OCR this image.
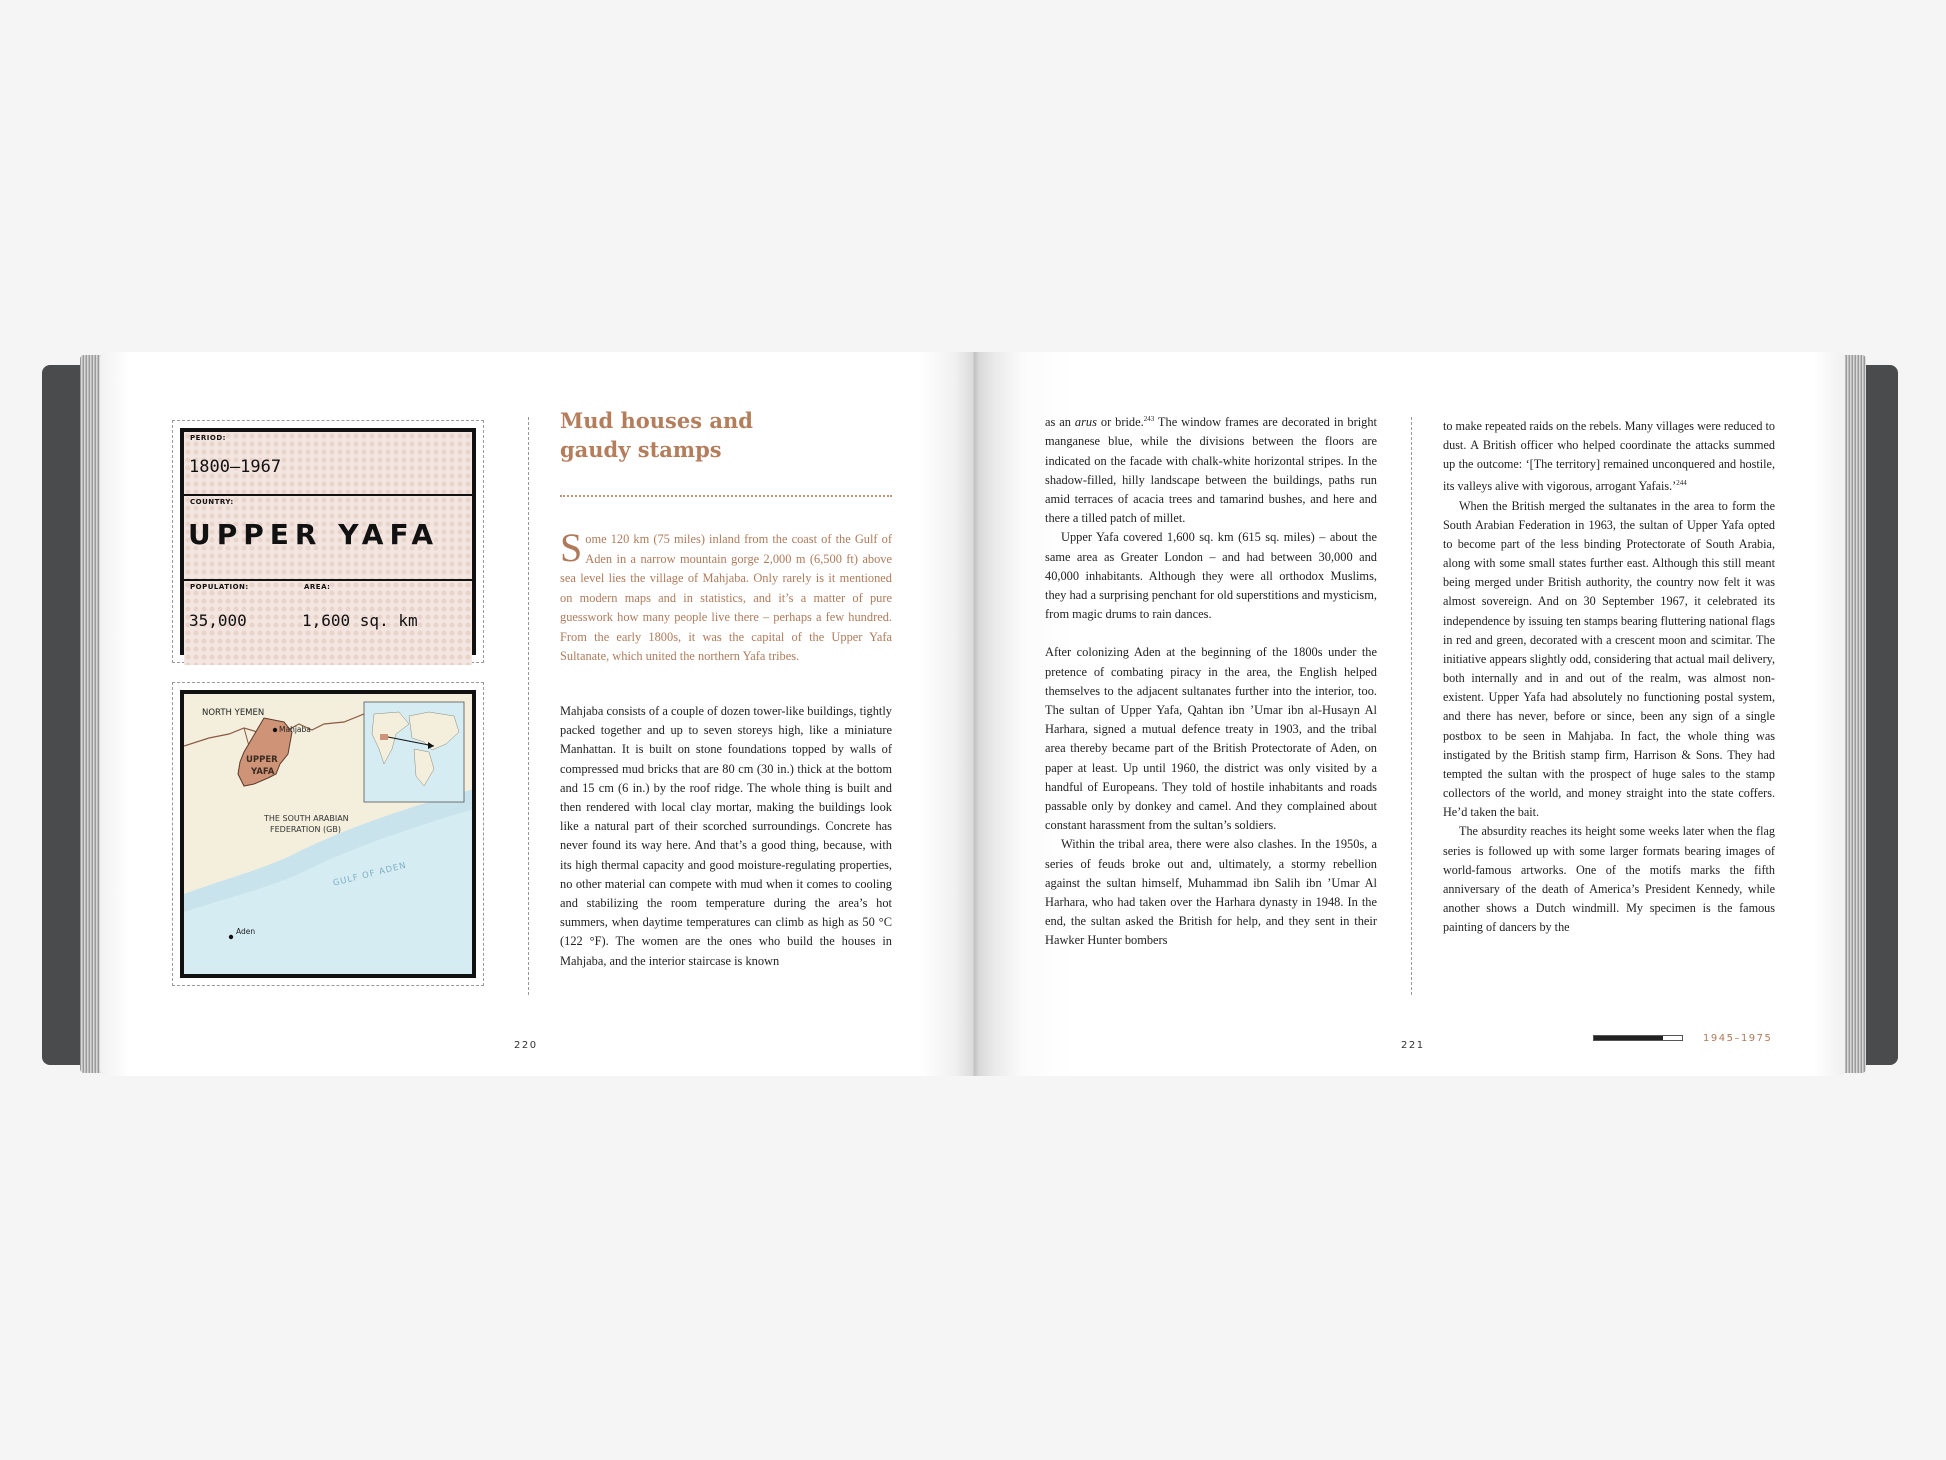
PERIOD:
1800–1967
COUNTRY:
UPPER YAFA
POPULATION:	AREA:
35,000	1,600 sq. km
NORTH YEMEN
Mahjaba
UPPER
YAFA
THE SOUTH ARABIAN
FEDERATION (GB)
GULF OF ADEN
Aden
Mud houses and
gaudy stamps
Some 120 km (75 miles) inland from the coast of the Gulf of Aden in a narrow mountain gorge 2,000 m (6,500 ft) above sea level lies the village of Mahjaba. Only rarely is it mentioned on modern maps and in statistics, and it’s a matter of pure guesswork how many people live there – perhaps a few hundred. From the early 1800s, it was the capital of the Upper Yafa Sultanate, which united the northern Yafa tribes.

Mahjaba consists of a couple of dozen tower-like buildings, tightly packed together and up to seven storeys high, like a miniature Manhattan. It is built on stone foundations topped by walls of compressed mud bricks that are 80 cm (30 in.) thick at the bottom and 15 cm (6 in.) by the roof ridge. The whole thing is built and then rendered with local clay mortar, making the buildings look like a natural part of their scorched surroundings. Concrete has never found its way here. And that’s a good thing, because, with its high thermal capacity and good moisture-regulating properties, no other material can compete with mud when it comes to cooling and stabilizing the room temperature during the area’s hot summers, when daytime temperatures can climb as high as 50 °C (122 °F). The women are the ones who build the houses in Mahjaba, and the interior staircase is known

220

as an arus or bride.$^{243}$ The window frames are decorated in bright manganese blue, while the divisions between the floors are indicated on the facade with chalk-white horizontal stripes. In the shadow-filled, hilly landscape between the buildings, paths run amid terraces of acacia trees and tamarind bushes, and here and there a tilled patch of millet.

Upper Yafa covered 1,600 sq. km (615 sq. miles) – about the same area as Greater London – and had between 30,000 and 40,000 inhabitants. Although they were all orthodox Muslims, they had a surprising penchant for old superstitions and mysticism, from magic drums to rain dances.

After colonizing Aden at the beginning of the 1800s under the pretence of combating piracy in the area, the English helped themselves to the adjacent sultanates further into the interior, too. The sultan of Upper Yafa, Qahtan ibn ’Umar ibn al-Husayn Al Harhara, signed a mutual defence treaty in 1903, and the tribal area thereby became part of the British Protectorate of Aden, on paper at least. Up until 1960, the district was only visited by a handful of Europeans. They told of hostile inhabitants and roads passable only by donkey and camel. And they complained about constant harassment from the sultan’s soldiers.

Within the tribal area, there were also clashes. In the 1950s, a series of feuds broke out and, ultimately, a stormy rebellion against the sultan himself, Muhammad ibn Salih ibn ’Umar Al Harhara, who had taken over the Harhara dynasty in 1948. In the end, the sultan asked the British for help, and they sent in their Hawker Hunter bombers

to make repeated raids on the rebels. Many villages were reduced to dust. A British officer who helped coordinate the attacks summed up the outcome: ‘[The territory] remained unconquered and hostile, its valleys alive with vigorous, arrogant Yafais.’$^{244}$

When the British merged the sultanates in the area to form the South Arabian Federation in 1963, the sultan of Upper Yafa opted to become part of the less binding Protectorate of South Arabia, along with some small states further east. Although this still meant being merged under British authority, the country now felt it was almost sovereign. And on 30 September 1967, it celebrated its independence by issuing ten stamps bearing fluttering national flags in red and green, decorated with a crescent moon and scimitar. The initiative appears slightly odd, considering that actual mail delivery, both internally and in and out of the realm, was almost non-existent. Upper Yafa had absolutely no functioning postal system, and there has never, before or since, been any sign of a single postbox to be seen in Mahjaba. In fact, the whole thing was instigated by the British stamp firm, Harrison & Sons. They had tempted the sultan with the prospect of huge sales to the stamp collectors of the world, and money straight into the state coffers. He’d taken the bait.

The absurdity reaches its height some weeks later when the flag series is followed up with some larger formats bearing images of world-famous artworks. One of the motifs marks the fifth anniversary of the death of America’s President Kennedy, while another shows a Dutch windmill. My specimen is the famous painting of dancers by the

221
1945–1975
